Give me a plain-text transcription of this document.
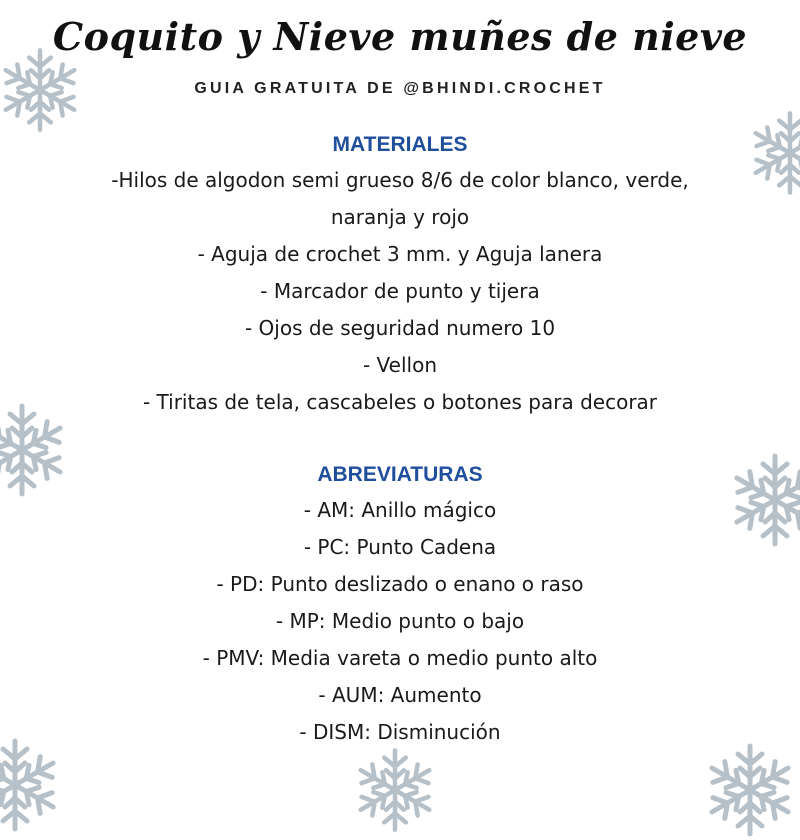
Coquito y Nieve muñes de nieve
GUIA GRATUITA DE @BHINDI.CROCHET
MATERIALES
-Hilos de algodon semi grueso 8/6 de color blanco, verde,
naranja y rojo
- Aguja de crochet 3 mm. y Aguja lanera
- Marcador de punto y tijera
- Ojos de seguridad numero 10
- Vellon
- Tiritas de tela, cascabeles o botones para decorar
ABREVIATURAS
- AM: Anillo mágico
- PC: Punto Cadena
- PD: Punto deslizado o enano o raso
- MP: Medio punto o bajo
- PMV: Media vareta o medio punto alto
- AUM: Aumento
- DISM: Disminución
